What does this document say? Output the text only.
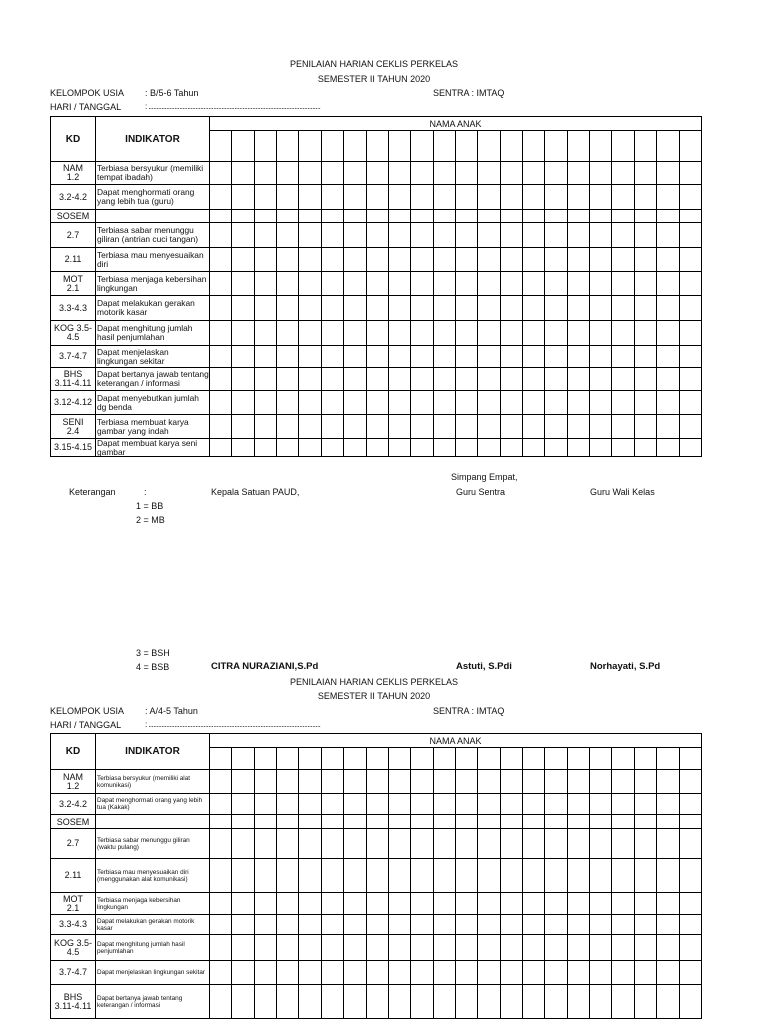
PENILAIAN HARIAN CEKLIS PERKELAS
SEMESTER II TAHUN 2020
KELOMPOK USIA : B/5-6 Tahun	SENTRA : IMTAQ
HARI / TANGGAL	: ..........................................................................................................
KD	INDIKATOR	NAMA ANAK																					

NAM
1.2	Terbiasa bersyukur (memiliki tempat ibadah)																						
3.2-4.2	Dapat menghormati orang yang lebih tua (guru)																						
SOSEM																							
2.7	Terbiasa sabar menunggu giliran (antrian cuci tangan)																						
2.11	Terbiasa mau menyesuaikan diri																						
MOT
2.1	Terbiasa menjaga kebersihan lingkungan																						
3.3-4.3	Dapat melakukan gerakan motorik kasar																						
KOG 3.5-
4.5	Dapat menghitung jumlah hasil penjumlahan																						
3.7-4.7	Dapat menjelaskan lingkungan sekitar																						
BHS
3.11-4.11	Dapat bertanya jawab tentang keterangan / informasi																						
3.12-4.12	Dapat menyebutkan jumlah dg benda																						
SENI
2.4	Terbiasa membuat karya gambar yang indah																						
3.15-4.15	Dapat membuat karya seni gambar																						
Simpang Empat,
Keterangan	:	Kepala Satuan PAUD,	Guru Sentra	Guru Wali Kelas
1 = BB
2 = MB
3 = BSH
4 = BSB	CITRA NURAZIANI,S.Pd	Astuti, S.Pdi	Norhayati, S.Pd
PENILAIAN HARIAN CEKLIS PERKELAS
SEMESTER II TAHUN 2020
KELOMPOK USIA : A/4-5 Tahun	SENTRA : IMTAQ
HARI / TANGGAL	: ..........................................................................................................
KD	INDIKATOR	NAMA ANAK																					

NAM
1.2	Terbiasa bersyukur (memiliki alat komunikasi)																						
3.2-4.2	Dapat menghormati orang yang lebih tua (Kakak)																						
SOSEM																							
2.7	Terbiasa sabar menunggu giliran (waktu pulang)																						
2.11	Terbiasa mau menyesuaikan diri (menggunakan alat komunikasi)																						
MOT
2.1	Terbiasa menjaga kebersihan lingkungan																						
3.3-4.3	Dapat melakukan gerakan motorik kasar																						
KOG 3.5-
4.5	Dapat menghitung jumlah hasil penjumlahan																						
3.7-4.7	Dapat menjelaskan lingkungan sekitar																						
BHS
3.11-4.11	Dapat bertanya jawab tentang keterangan / informasi																						
